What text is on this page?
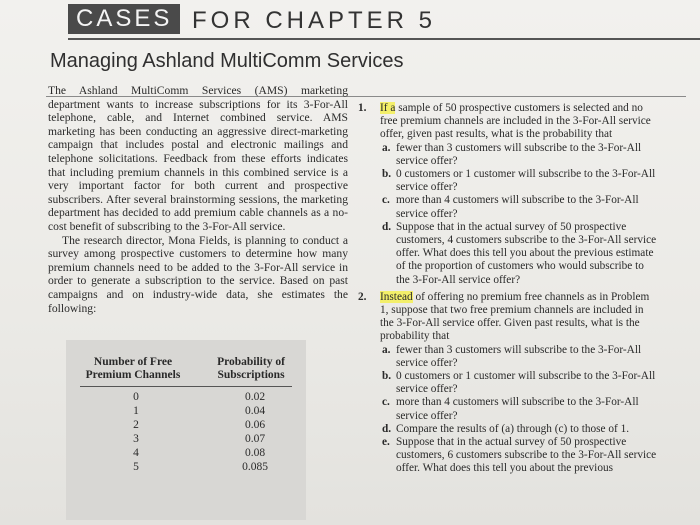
CASES FOR CHAPTER 5
Managing Ashland MultiComm Services

The Ashland MultiComm Services (AMS) marketing department wants to increase subscriptions for its 3-For-All telephone, cable, and Internet combined service. AMS marketing has been conducting an aggressive direct-marketing campaign that includes postal and electronic mailings and telephone solicitations. Feedback from these efforts indicates that including premium channels in this combined service is a very important factor for both current and prospective subscribers. After several brainstorming sessions, the marketing department has decided to add premium cable channels as a no-cost benefit of subscribing to the 3-For-All service.

The research director, Mona Fields, is planning to conduct a survey among prospective customers to determine how many premium channels need to be added to the 3-For-All service in order to generate a subscription to the service. Based on past campaigns and on industry-wide data, she estimates the following:

Number of Free Premium Channels
Probability of Subscriptions
0
1
2
3
4
5
0.02
0.04
0.06
0.07
0.08
0.085
1. If a sample of 50 prospective customers is selected and no free premium channels are included in the 3-For-All service offer, given past results, what is the probability that
a. fewer than 3 customers will subscribe to the 3-For-All service offer?
b. 0 customers or 1 customer will subscribe to the 3-For-All service offer?
c. more than 4 customers will subscribe to the 3-For-All service offer?
d. Suppose that in the actual survey of 50 prospective customers, 4 customers subscribe to the 3-For-All service offer. What does this tell you about the previous estimate of the proportion of customers who would subscribe to the 3-For-All service offer?
2. Instead of offering no premium free channels as in Problem 1, suppose that two free premium channels are included in the 3-For-All service offer. Given past results, what is the probability that
a. fewer than 3 customers will subscribe to the 3-For-All service offer?
b. 0 customers or 1 customer will subscribe to the 3-For-All service offer?
c. more than 4 customers will subscribe to the 3-For-All service offer?
d. Compare the results of (a) through (c) to those of 1.
e. Suppose that in the actual survey of 50 prospective customers, 6 customers subscribe to the 3-For-All service offer. What does this tell you about the previous
